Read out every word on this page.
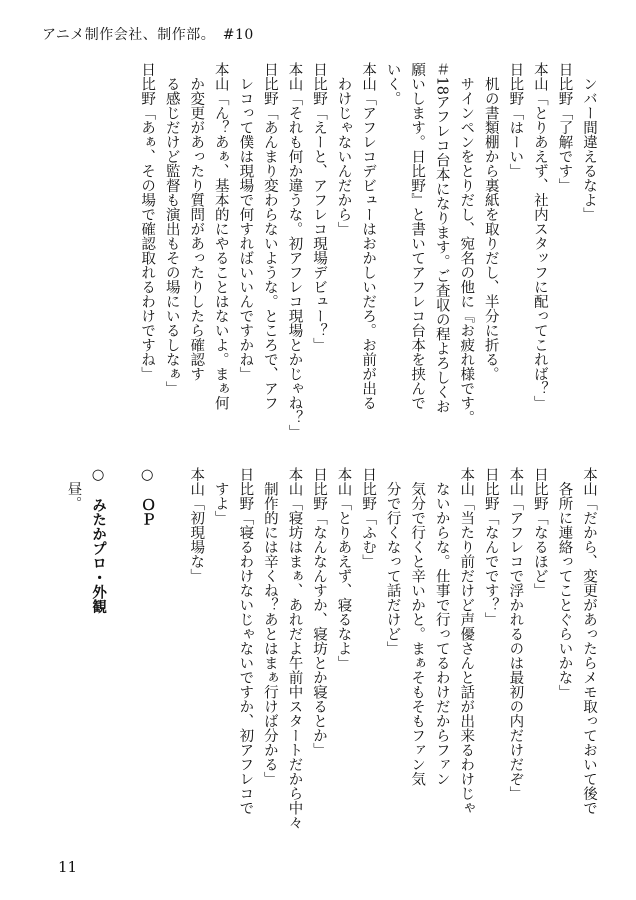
アニメ制作会社、制作部。　#10
　ンバー間違えるなよ」
日比野「了解です」
本山「とりあえず、社内スタッフに配ってこれば？」
日比野「はーい」
　机の書類棚から裏紙を取りだし、半分に折る。
　サインペンをとりだし、宛名の他に『お疲れ様です。
＃18アフレコ台本になります。ご査収の程よろしくお
願いします。日比野』と書いてアフレコ台本を挟んで
いく。
本山「アフレコデビューはおかしいだろ。お前が出る
　わけじゃないんだから」
日比野「えーと、アフレコ現場デビュー？」
本山「それも何か違うな。初アフレコ現場とかじゃね？」
日比野「あんまり変わらないような。ところで、アフ
　レコって僕は現場で何すればいいんですかね」
本山「ん？あぁ、基本的にやることはないよ。まぁ何
　か変更があったり質問があったりしたら確認す
　る感じだけど監督も演出もその場にいるしなぁ」
日比野「あぁ、その場で確認取れるわけですね」
本山「だから、変更があったらメモ取っておいて後で
　各所に連絡ってことぐらいかな」
日比野「なるほど」
本山「アフレコで浮かれるのは最初の内だけだぞ」
日比野「なんでです？」
本山「当たり前だけど声優さんと話が出来るわけじゃ
　ないからな。仕事で行ってるわけだからファン
　気分で行くと辛いかと。まぁそもそもファン気
　分で行くなって話だけど」
日比野「ふむ」
本山「とりあえず、寝るなよ」
日比野「なんなんすか、寝坊とか寝るとか」
本山「寝坊はまぁ、あれだよ午前中スタートだから中々
　制作的には辛くね？あとはまぁ行けば分かる」
日比野「寝るわけないじゃないですか、初アフレコで
　すよ」
本山「初現場な」
○　ＯＰ
○　みたかプロ・外観
　昼。
11
